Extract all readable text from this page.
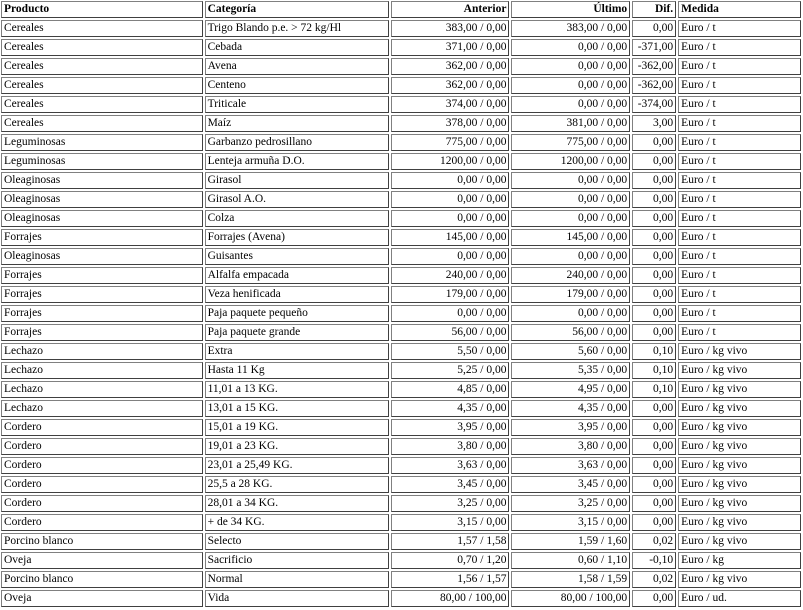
Producto	Categoría	Anterior	Último	Dif.	Medida
Cereales	Trigo Blando p.e. > 72 kg/Hl	383,00 / 0,00	383,00 / 0,00	0,00	Euro / t
Cereales	Cebada	371,00 / 0,00	0,00 / 0,00	-371,00	Euro / t
Cereales	Avena	362,00 / 0,00	0,00 / 0,00	-362,00	Euro / t
Cereales	Centeno	362,00 / 0,00	0,00 / 0,00	-362,00	Euro / t
Cereales	Triticale	374,00 / 0,00	0,00 / 0,00	-374,00	Euro / t
Cereales	Maíz	378,00 / 0,00	381,00 / 0,00	3,00	Euro / t
Leguminosas	Garbanzo pedrosillano	775,00 / 0,00	775,00 / 0,00	0,00	Euro / t
Leguminosas	Lenteja armuña D.O.	1200,00 / 0,00	1200,00 / 0,00	0,00	Euro / t
Oleaginosas	Girasol	0,00 / 0,00	0,00 / 0,00	0,00	Euro / t
Oleaginosas	Girasol A.O.	0,00 / 0,00	0,00 / 0,00	0,00	Euro / t
Oleaginosas	Colza	0,00 / 0,00	0,00 / 0,00	0,00	Euro / t
Forrajes	Forrajes (Avena)	145,00 / 0,00	145,00 / 0,00	0,00	Euro / t
Oleaginosas	Guisantes	0,00 / 0,00	0,00 / 0,00	0,00	Euro / t
Forrajes	Alfalfa empacada	240,00 / 0,00	240,00 / 0,00	0,00	Euro / t
Forrajes	Veza henificada	179,00 / 0,00	179,00 / 0,00	0,00	Euro / t
Forrajes	Paja paquete pequeño	0,00 / 0,00	0,00 / 0,00	0,00	Euro / t
Forrajes	Paja paquete grande	56,00 / 0,00	56,00 / 0,00	0,00	Euro / t
Lechazo	Extra	5,50 / 0,00	5,60 / 0,00	0,10	Euro / kg vivo
Lechazo	Hasta 11 Kg	5,25 / 0,00	5,35 / 0,00	0,10	Euro / kg vivo
Lechazo	11,01 a 13 KG.	4,85 / 0,00	4,95 / 0,00	0,10	Euro / kg vivo
Lechazo	13,01 a 15 KG.	4,35 / 0,00	4,35 / 0,00	0,00	Euro / kg vivo
Cordero	15,01 a 19 KG.	3,95 / 0,00	3,95 / 0,00	0,00	Euro / kg vivo
Cordero	19,01 a 23 KG.	3,80 / 0,00	3,80 / 0,00	0,00	Euro / kg vivo
Cordero	23,01 a 25,49 KG.	3,63 / 0,00	3,63 / 0,00	0,00	Euro / kg vivo
Cordero	25,5 a 28 KG.	3,45 / 0,00	3,45 / 0,00	0,00	Euro / kg vivo
Cordero	28,01 a 34 KG.	3,25 / 0,00	3,25 / 0,00	0,00	Euro / kg vivo
Cordero	+ de 34 KG.	3,15 / 0,00	3,15 / 0,00	0,00	Euro / kg vivo
Porcino blanco	Selecto	1,57 / 1,58	1,59 / 1,60	0,02	Euro / kg vivo
Oveja	Sacrificio	0,70 / 1,20	0,60 / 1,10	-0,10	Euro / kg
Porcino blanco	Normal	1,56 / 1,57	1,58 / 1,59	0,02	Euro / kg vivo
Oveja	Vida	80,00 / 100,00	80,00 / 100,00	0,00	Euro / ud.
